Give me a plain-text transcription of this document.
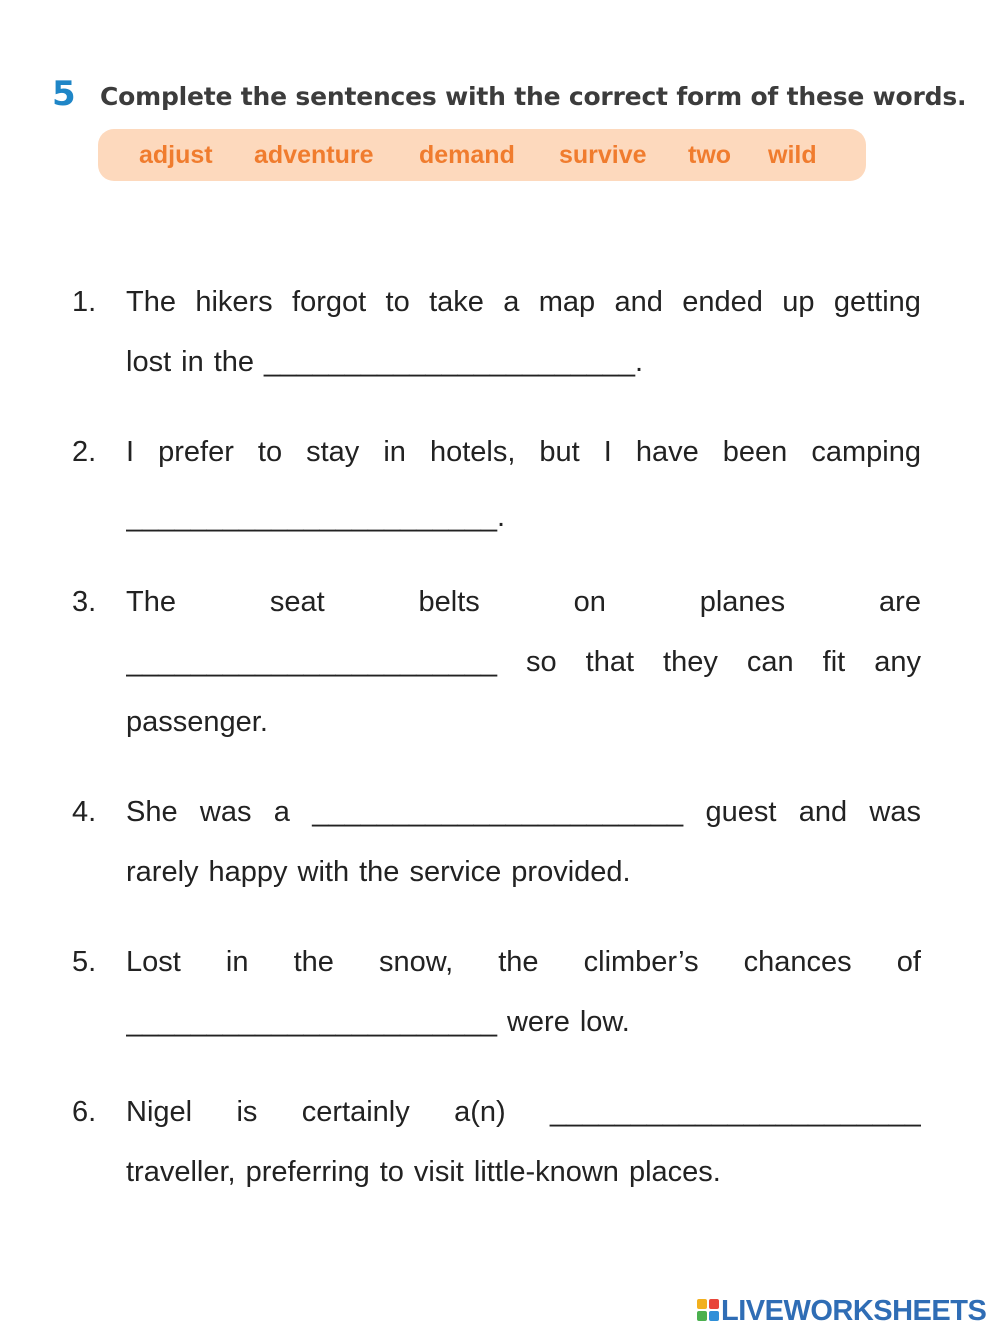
5 Complete the sentences with the correct form of these words.
adjust adventure demand survive two wild
1.	The hikers forgot to take a map and ended up getting
lost in the _______________________.
2.	I prefer to stay in hotels, but I have been camping
_______________________.
3.	The	seat	belts	on	planes	are
_______________________ so that they can fit any
passenger.
4.	She was a _______________________ guest and was
rarely happy with the service provided.
5.	Lost in the snow, the climber’s chances of
_______________________ were low.
6.	Nigel is certainly a(n) _______________________
traveller, preferring to visit little-known places.
LIVEWORKSHEETS
